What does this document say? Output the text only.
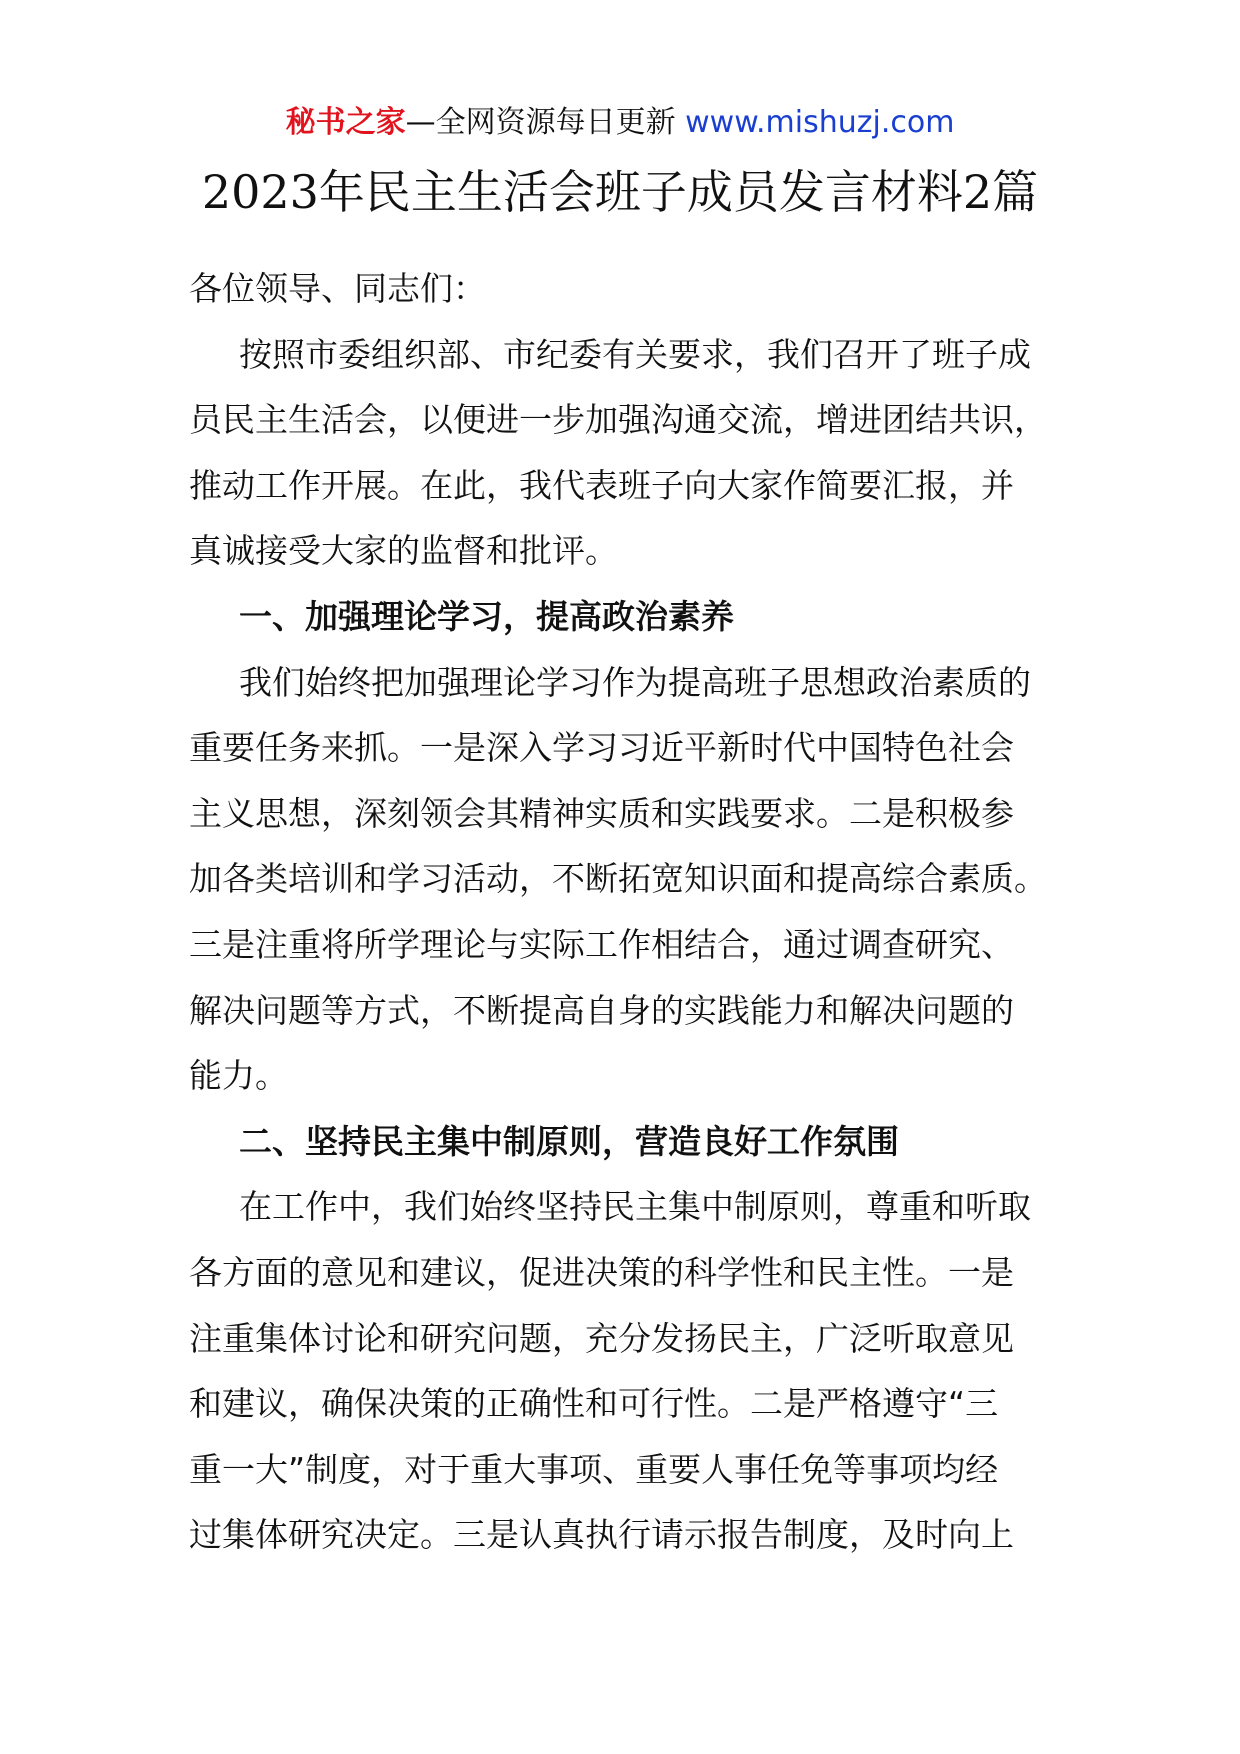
秘书之家—全网资源每日更新 www.mishuzj.com
2023年民主生活会班子成员发言材料2篇
各位领导、同志们：
按照市委组织部、市纪委有关要求，我们召开了班子成
员民主生活会，以便进一步加强沟通交流，增进团结共识，
推动工作开展。在此，我代表班子向大家作简要汇报，并
真诚接受大家的监督和批评。
一、加强理论学习，提高政治素养
我们始终把加强理论学习作为提高班子思想政治素质的
重要任务来抓。一是深入学习习近平新时代中国特色社会
主义思想，深刻领会其精神实质和实践要求。二是积极参
加各类培训和学习活动，不断拓宽知识面和提高综合素质。
三是注重将所学理论与实际工作相结合，通过调查研究、
解决问题等方式，不断提高自身的实践能力和解决问题的
能力。
二、坚持民主集中制原则，营造良好工作氛围
在工作中，我们始终坚持民主集中制原则，尊重和听取
各方面的意见和建议，促进决策的科学性和民主性。一是
注重集体讨论和研究问题，充分发扬民主，广泛听取意见
和建议，确保决策的正确性和可行性。二是严格遵守“三
重一大”制度，对于重大事项、重要人事任免等事项均经
过集体研究决定。三是认真执行请示报告制度，及时向上
